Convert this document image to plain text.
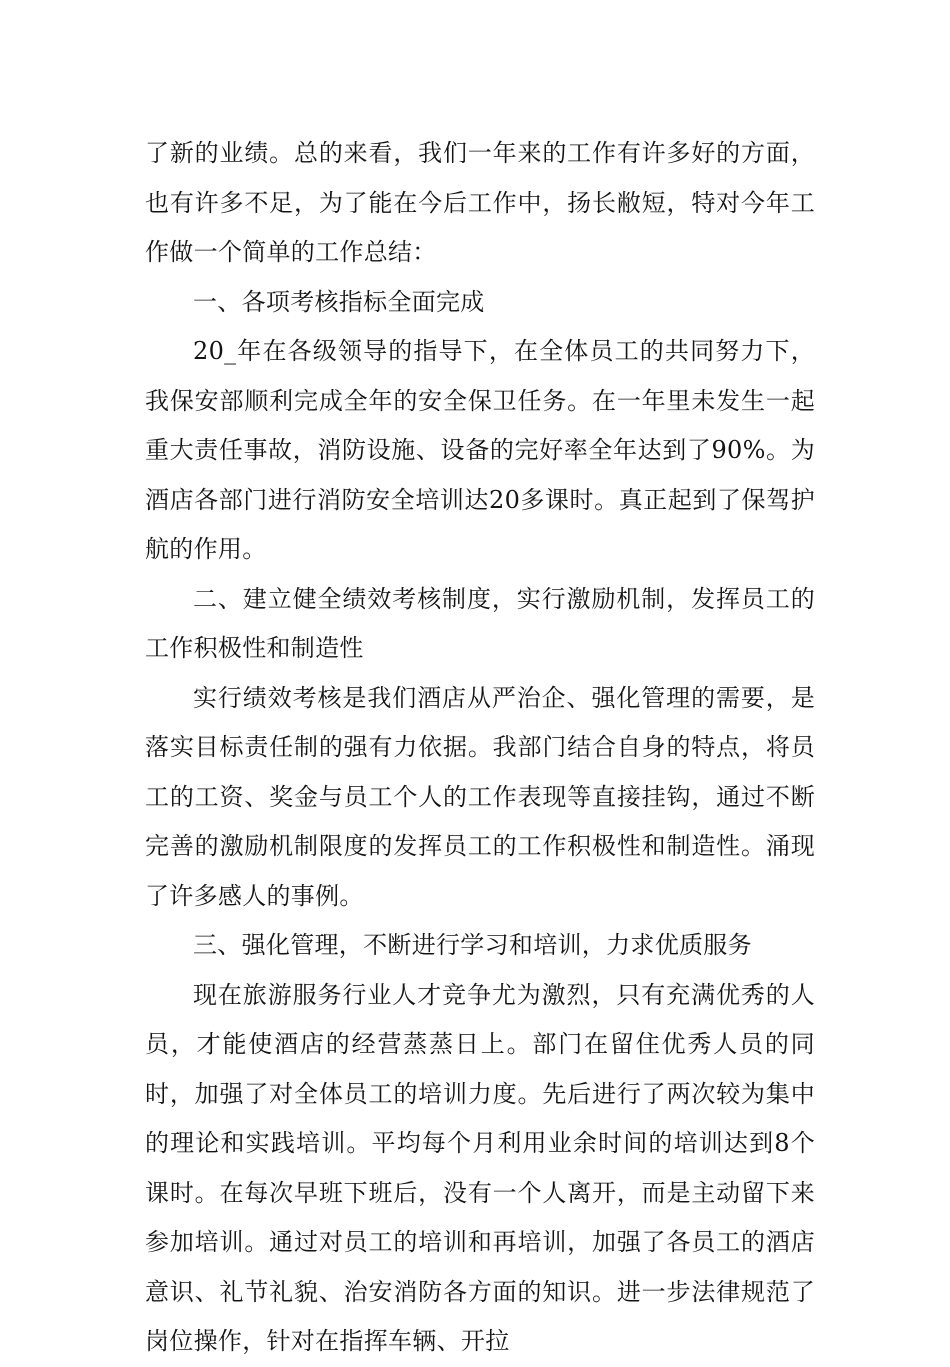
了新的业绩。总的来看，我们一年来的工作有许多好的方面，也有许多不足，为了能在今后工作中，扬长敝短，特对今年工作做一个简单的工作总结：

一、各项考核指标全面完成

20_年在各级领导的指导下，在全体员工的共同努力下，我保安部顺利完成全年的安全保卫任务。在一年里未发生一起重大责任事故，消防设施、设备的完好率全年达到了90%。为酒店各部门进行消防安全培训达20多课时。真正起到了保驾护航的作用。

二、建立健全绩效考核制度，实行激励机制，发挥员工的工作积极性和制造性

实行绩效考核是我们酒店从严治企、强化管理的需要，是落实目标责任制的强有力依据。我部门结合自身的特点，将员工的工资、奖金与员工个人的工作表现等直接挂钩，通过不断完善的激励机制限度的发挥员工的工作积极性和制造性。涌现了许多感人的事例。

三、强化管理，不断进行学习和培训，力求优质服务

现在旅游服务行业人才竞争尤为激烈，只有充满优秀的人员，才能使酒店的经营蒸蒸日上。部门在留住优秀人员的同时，加强了对全体员工的培训力度。先后进行了两次较为集中的理论和实践培训。平均每个月利用业余时间的培训达到8个课时。在每次早班下班后，没有一个人离开，而是主动留下来参加培训。通过对员工的培训和再培训，加强了各员工的酒店意识、礼节礼貌、治安消防各方面的知识。进一步法律规范了岗位操作，针对在指挥车辆、开拉
